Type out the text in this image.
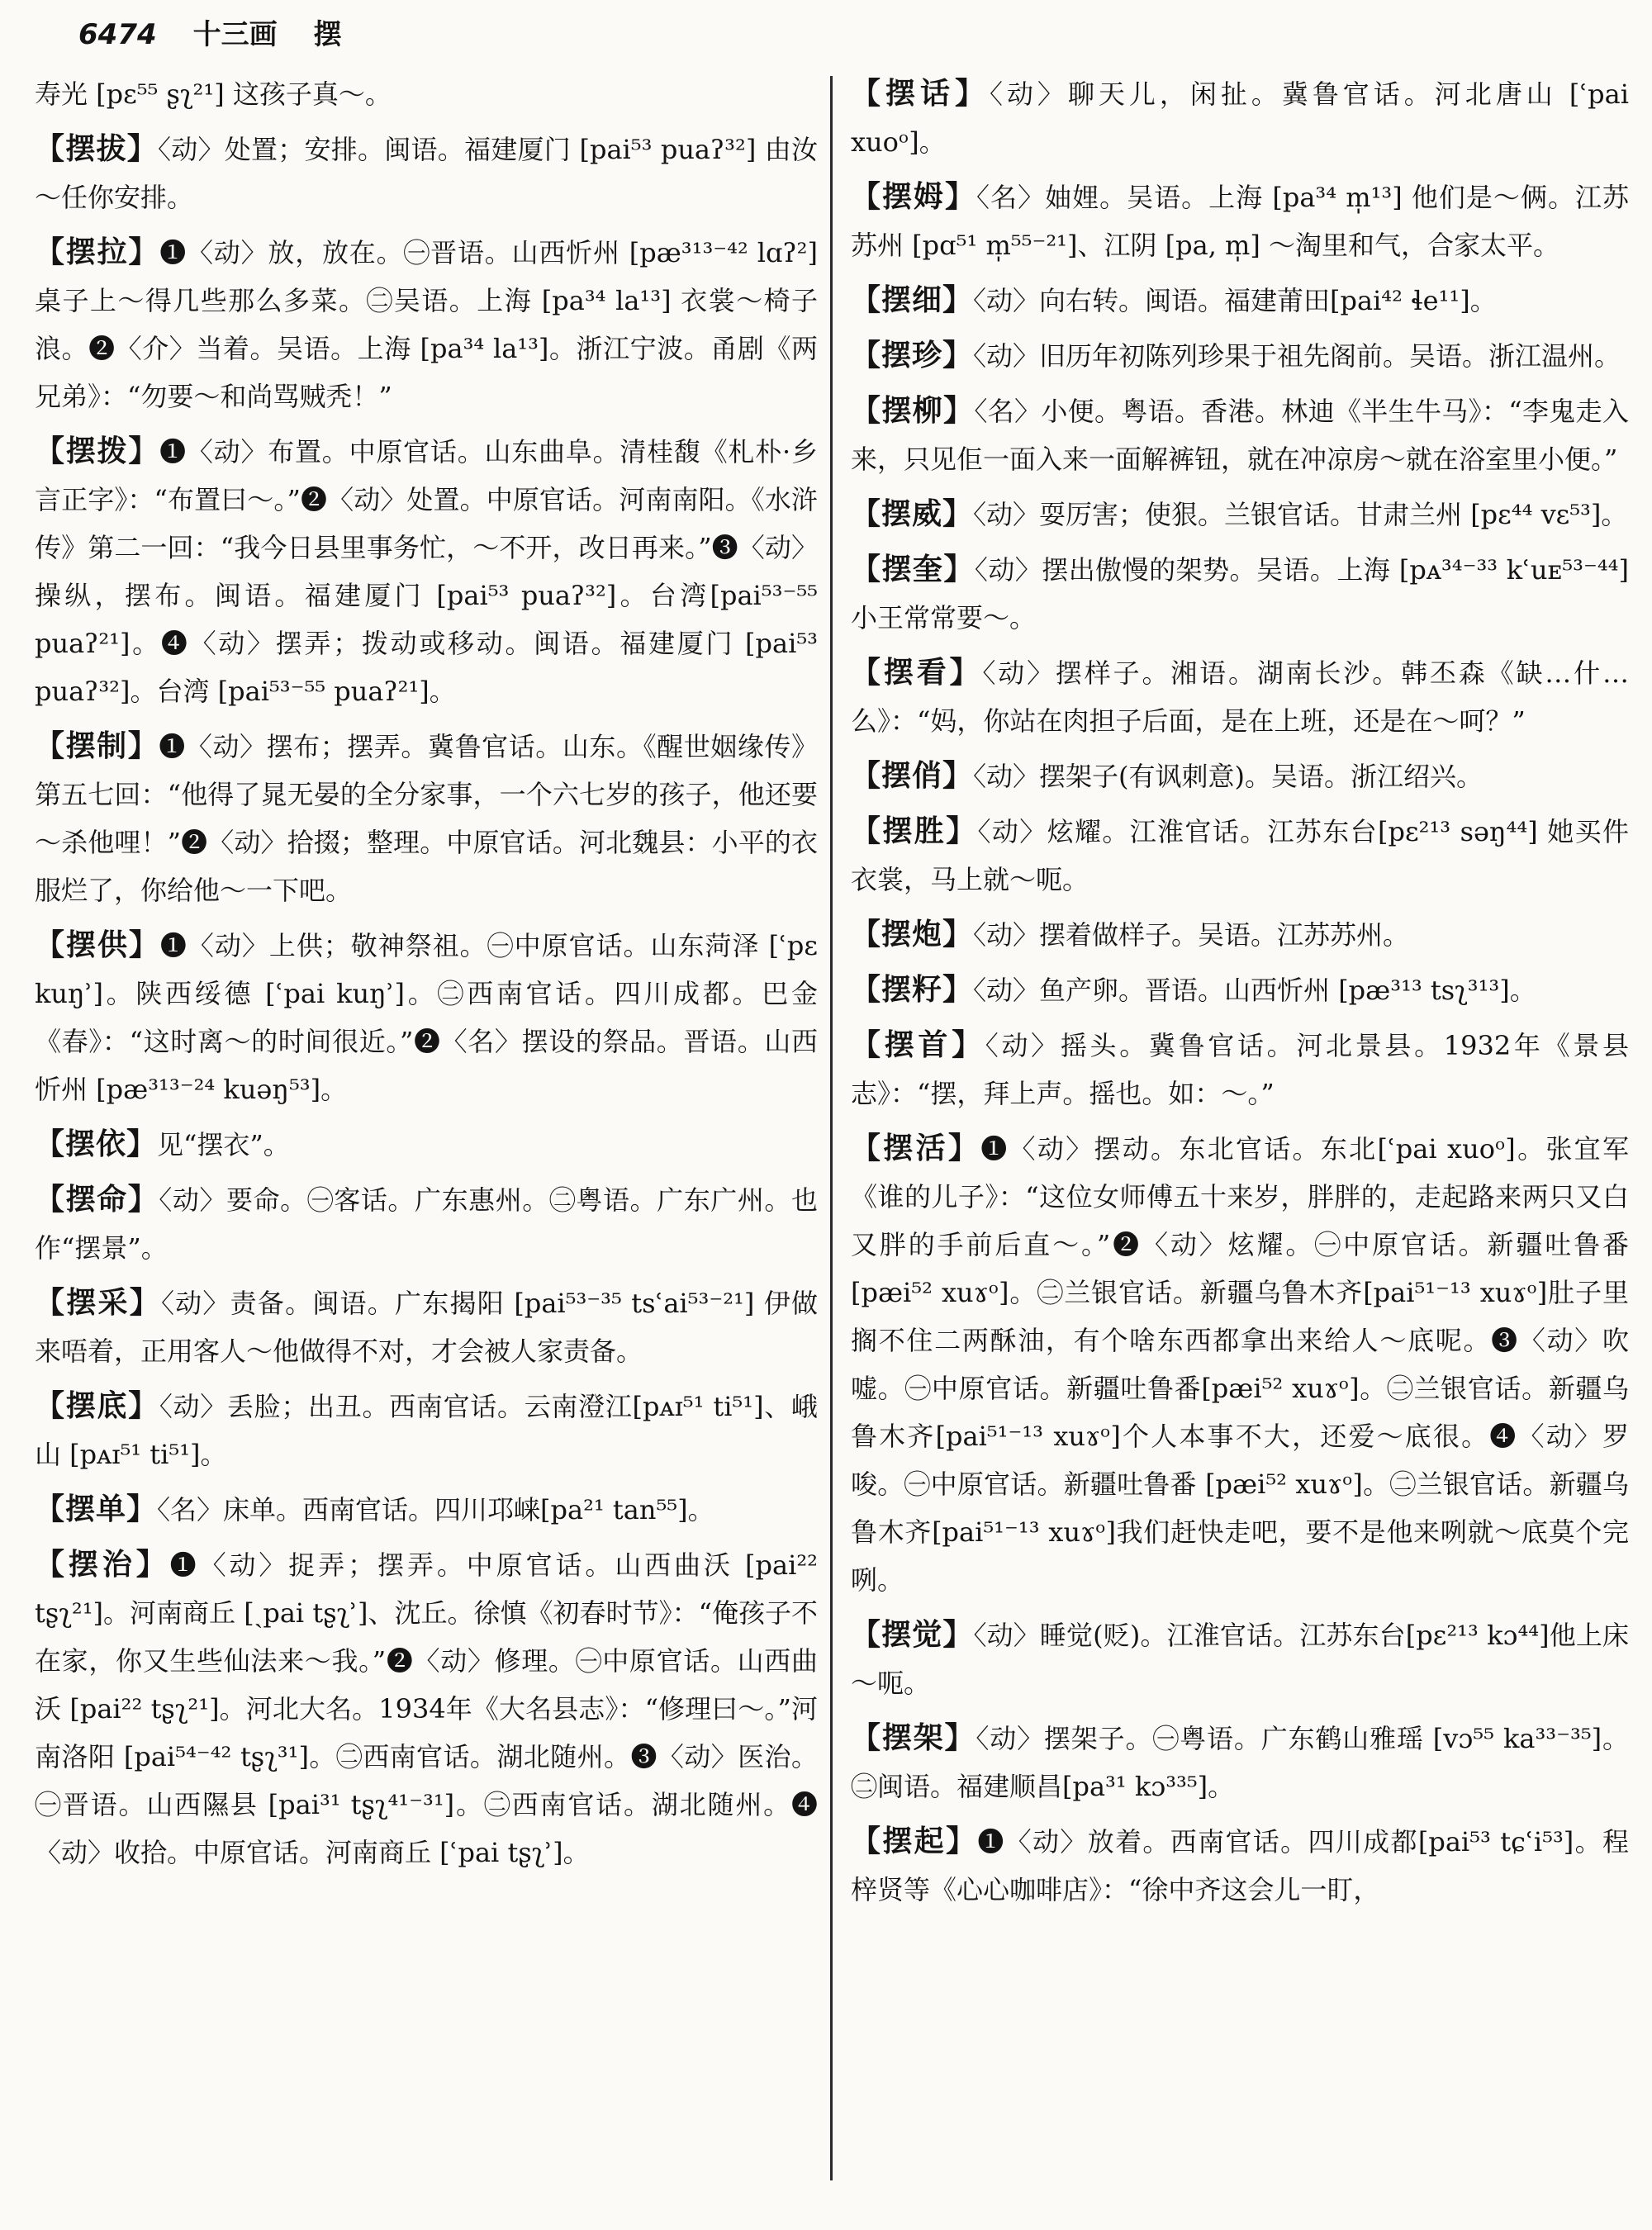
6474 十三画 摆

寿光 [pɛ⁵⁵ ʂʅ²¹] 这孩子真～。

【摆拔】〈动〉处置；安排。闽语。福建厦门 [pai⁵³ puaʔ³²] 由汝～任你安排。

【摆拉】❶〈动〉放，放在。㊀晋语。山西忻州 [pæ³¹³⁻⁴² lɑʔ²]桌子上～得几些那么多菜。㊁吴语。上海 [pa³⁴ la¹³] 衣裳～椅子浪。❷〈介〉当着。吴语。上海 [pa³⁴ la¹³]。浙江宁波。甬剧《两兄弟》：“勿要～和尚骂贼秃！”

【摆拨】❶〈动〉布置。中原官话。山东曲阜。清桂馥《札朴·乡言正字》：“布置曰～。”❷〈动〉处置。中原官话。河南南阳。《水浒传》第二一回：“我今日县里事务忙，～不开，改日再来。”❸〈动〉操纵，摆布。闽语。福建厦门 [pai⁵³ puaʔ³²]。台湾[pai⁵³⁻⁵⁵ puaʔ²¹]。❹〈动〉摆弄；拨动或移动。闽语。福建厦门 [pai⁵³ puaʔ³²]。台湾 [pai⁵³⁻⁵⁵ puaʔ²¹]。

【摆制】❶〈动〉摆布；摆弄。冀鲁官话。山东。《醒世姻缘传》第五七回：“他得了晁无晏的全分家事，一个六七岁的孩子，他还要～杀他哩！”❷〈动〉拾掇；整理。中原官话。河北魏县：小平的衣服烂了，你给他～一下吧。

【摆供】❶〈动〉上供；敬神祭祖。㊀中原官话。山东菏泽 [ʿpɛ kuŋʾ]。陕西绥德 [ʿpai kuŋʾ]。㊁西南官话。四川成都。巴金《春》：“这时离～的时间很近。”❷〈名〉摆设的祭品。晋语。山西忻州 [pæ³¹³⁻²⁴ kuəŋ⁵³]。

【摆依】见“摆衣”。

【摆命】〈动〉要命。㊀客话。广东惠州。㊁粤语。广东广州。也作“摆景”。

【摆采】〈动〉责备。闽语。广东揭阳 [pai⁵³⁻³⁵ tsʿai⁵³⁻²¹] 伊做来唔着，正用客人～他做得不对，才会被人家责备。

【摆底】〈动〉丢脸；出丑。西南官话。云南澄江[pᴀɪ⁵¹ ti⁵¹]、峨山 [pᴀɪ⁵¹ ti⁵¹]。

【摆单】〈名〉床单。西南官话。四川邛崃[pa²¹ tan⁵⁵]。

【摆治】❶〈动〉捉弄；摆弄。中原官话。山西曲沃 [pai²² tʂʅ²¹]。河南商丘 [ˏpai tʂʅʾ]、沈丘。徐慎《初春时节》：“俺孩子不在家，你又生些仙法来～我。”❷〈动〉修理。㊀中原官话。山西曲沃 [pai²² tʂʅ²¹]。河北大名。1934年《大名县志》：“修理曰～。”河南洛阳 [pai⁵⁴⁻⁴² tʂʅ³¹]。㊁西南官话。湖北随州。❸〈动〉医治。㊀晋语。山西隰县 [pai³¹ tʂʅ⁴¹⁻³¹]。㊁西南官话。湖北随州。❹〈动〉收拾。中原官话。河南商丘 [ʿpai tʂʅʾ]。

【摆话】〈动〉聊天儿，闲扯。冀鲁官话。河北唐山 [ʿpai xuoᵒ]。

【摆姆】〈名〉妯娌。吴语。上海 [pa³⁴ m̩¹³] 他们是～俩。江苏苏州 [pɑ⁵¹ m̩⁵⁵⁻²¹]、江阴 [pa, m̩] ～淘里和气，合家太平。

【摆细】〈动〉向右转。闽语。福建莆田[pai⁴² ɬe¹¹]。

【摆珍】〈动〉旧历年初陈列珍果于祖先阁前。吴语。浙江温州。

【摆柳】〈名〉小便。粤语。香港。林迪《半生牛马》：“李鬼走入来，只见佢一面入来一面解裤钮，就在冲凉房～就在浴室里小便。”

【摆威】〈动〉耍厉害；使狠。兰银官话。甘肃兰州 [pɛ⁴⁴ vɛ⁵³]。

【摆奎】〈动〉摆出傲慢的架势。吴语。上海 [pᴀ³⁴⁻³³ kʿuᴇ⁵³⁻⁴⁴]小王常常要～。

【摆看】〈动〉摆样子。湘语。湖南长沙。韩丕森《缺…什…么》：“妈，你站在肉担子后面，是在上班，还是在～呵？”

【摆俏】〈动〉摆架子(有讽刺意)。吴语。浙江绍兴。

【摆胜】〈动〉炫耀。江淮官话。江苏东台[pɛ²¹³ səŋ⁴⁴] 她买件衣裳，马上就～呃。

【摆炮】〈动〉摆着做样子。吴语。江苏苏州。

【摆籽】〈动〉鱼产卵。晋语。山西忻州 [pæ³¹³ tsʅ³¹³]。

【摆首】〈动〉摇头。冀鲁官话。河北景县。1932年《景县志》：“摆，拜上声。摇也。如：～。”

【摆活】❶〈动〉摆动。东北官话。东北[ʿpai xuoᵒ]。张宜军《谁的儿子》：“这位女师傅五十来岁，胖胖的，走起路来两只又白又胖的手前后直～。”❷〈动〉炫耀。㊀中原官话。新疆吐鲁番 [pæi⁵² xuɤᵒ]。㊁兰银官话。新疆乌鲁木齐[pai⁵¹⁻¹³ xuɤᵒ]肚子里搁不住二两酥油，有个啥东西都拿出来给人～底呢。❸〈动〉吹嘘。㊀中原官话。新疆吐鲁番[pæi⁵² xuɤᵒ]。㊁兰银官话。新疆乌鲁木齐[pai⁵¹⁻¹³ xuɤᵒ]个人本事不大，还爱～底很。❹〈动〉罗唆。㊀中原官话。新疆吐鲁番 [pæi⁵² xuɤᵒ]。㊁兰银官话。新疆乌鲁木齐[pai⁵¹⁻¹³ xuɤᵒ]我们赶快走吧，要不是他来咧就～底莫个完咧。

【摆觉】〈动〉睡觉(贬)。江淮官话。江苏东台[pɛ²¹³ kɔ⁴⁴]他上床～呃。

【摆架】〈动〉摆架子。㊀粤语。广东鹤山雅瑶 [vɔ⁵⁵ ka³³⁻³⁵]。㊁闽语。福建顺昌[pa³¹ kɔ³³⁵]。

【摆起】❶〈动〉放着。西南官话。四川成都[pai⁵³ tɕʿi⁵³]。程梓贤等《心心咖啡店》：“徐中齐这会儿一盯，
